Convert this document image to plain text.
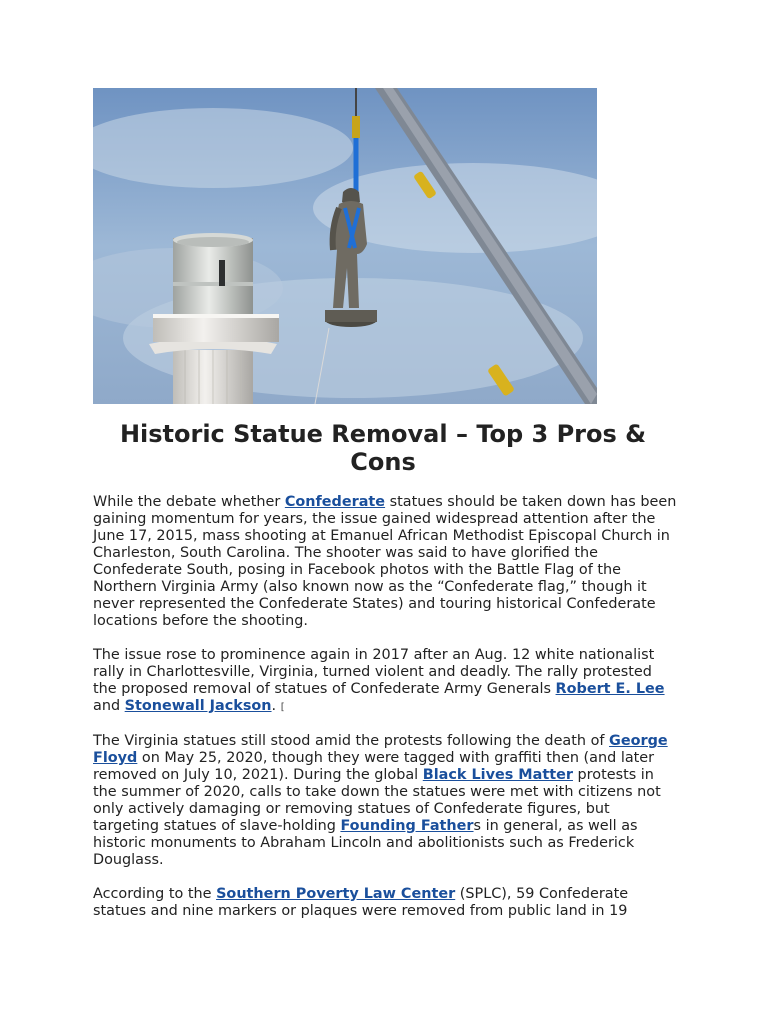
Historic Statue Removal – Top 3 Pros & Cons

While the debate whether Confederate statues should be taken down has been gaining momentum for years, the issue gained widespread attention after the June 17, 2015, mass shooting at Emanuel African Methodist Episcopal Church in Charleston, South Carolina. The shooter was said to have glorified the Confederate South, posing in Facebook photos with the Battle Flag of the Northern Virginia Army (also known now as the “Confederate flag,” though it never represented the Confederate States) and touring historical Confederate locations before the shooting.

The issue rose to prominence again in 2017 after an Aug. 12 white nationalist rally in Charlottesville, Virginia, turned violent and deadly. The rally protested the proposed removal of statues of Confederate Army Generals Robert E. Lee and Stonewall Jackson. [

The Virginia statues still stood amid the protests following the death of George Floyd on May 25, 2020, though they were tagged with graffiti then (and later removed on July 10, 2021). During the global Black Lives Matter protests in the summer of 2020, calls to take down the statues were met with citizens not only actively damaging or removing statues of Confederate figures, but targeting statues of slave-holding Founding Fathers in general, as well as historic monuments to Abraham Lincoln and abolitionists such as Frederick Douglass.

According to the Southern Poverty Law Center (SPLC), 59 Confederate statues and nine markers or plaques were removed from public land in 19
